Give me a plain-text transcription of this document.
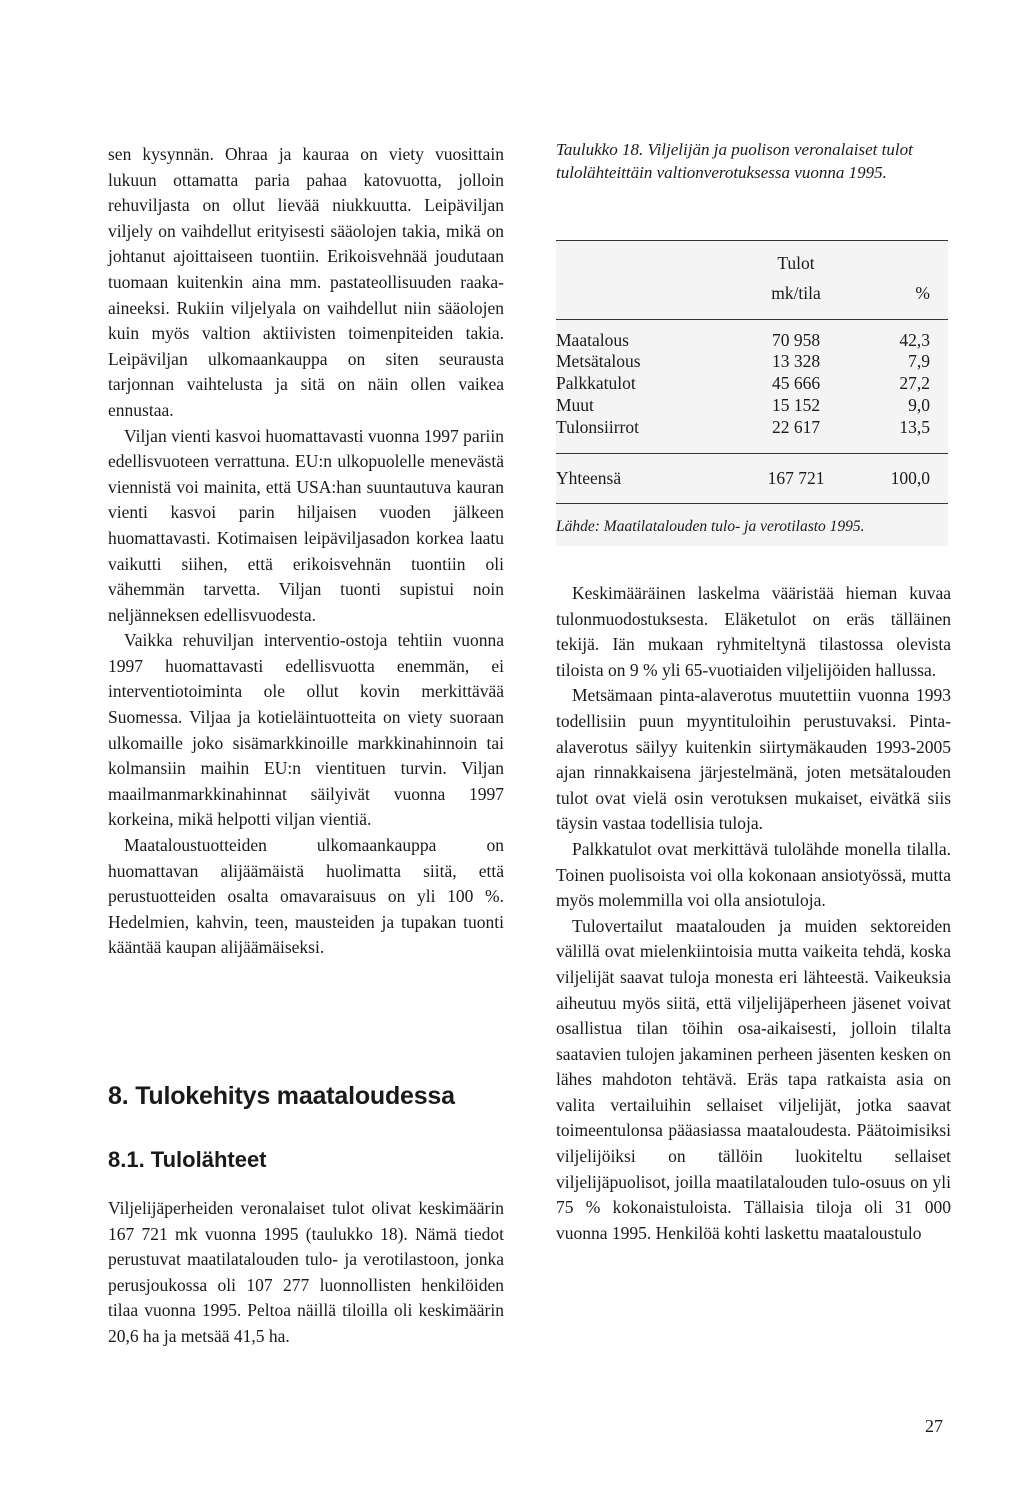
sen kysynnän. Ohraa ja kauraa on viety vuosittain lukuun ottamatta paria pahaa katovuotta, jolloin rehuviljasta on ollut lievää niukkuutta. Leipäviljan viljely on vaihdellut erityisesti sääolojen takia, mikä on johtanut ajoittaiseen tuontiin. Erikoisvehnää joudutaan tuomaan kuitenkin aina mm. pastateollisuuden raaka-aineeksi. Rukiin viljelyala on vaihdellut niin sääolojen kuin myös valtion aktiivisten toimenpiteiden takia. Leipäviljan ulkomaankauppa on siten seurausta tarjonnan vaihtelusta ja sitä on näin ollen vaikea ennustaa.

Viljan vienti kasvoi huomattavasti vuonna 1997 pariin edellisvuoteen verrattuna. EU:n ulkopuolelle menevästä viennistä voi mainita, että USA:han suuntautuva kauran vienti kasvoi parin hiljaisen vuoden jälkeen huomattavasti. Kotimaisen leipäviljasadon korkea laatu vaikutti siihen, että erikoisvehnän tuontiin oli vähemmän tarvetta. Viljan tuonti supistui noin neljänneksen edellisvuodesta.

Vaikka rehuviljan interventio-ostoja tehtiin vuonna 1997 huomattavasti edellisvuotta enemmän, ei interventiotoiminta ole ollut kovin merkittävää Suomessa. Viljaa ja kotieläintuotteita on viety suoraan ulkomaille joko sisämarkkinoille markkinahinnoin tai kolmansiin maihin EU:n vientituen turvin. Viljan maailmanmarkkinahinnat säilyivät vuonna 1997 korkeina, mikä helpotti viljan vientiä.

Maataloustuotteiden ulkomaankauppa on huomattavan alijäämäistä huolimatta siitä, että perustuotteiden osalta omavaraisuus on yli 100 %. Hedelmien, kahvin, teen, mausteiden ja tupakan tuonti kääntää kaupan alijäämäiseksi.

8. Tulokehitys maataloudessa
8.1. Tulolähteet
Viljelijäperheiden veronalaiset tulot olivat keskimäärin 167 721 mk vuonna 1995 (taulukko 18). Nämä tiedot perustuvat maatilatalouden tulo- ja verotilastoon, jonka perusjoukossa oli 107 277 luonnollisten henkilöiden tilaa vuonna 1995. Peltoa näillä tiloilla oli keskimäärin 20,6 ha ja metsää 41,5 ha.
Taulukko 18. Viljelijän ja puolison veronalaiset tulot tulolähteittäin valtionverotuksessa vuonna 1995.
Tulot
mk/tila	%
Maatalous	70 958	42,3
Metsätalous	13 328	7,9
Palkkatulot	45 666	27,2
Muut	15 152	9,0
Tulonsiirrot	22 617	13,5
Yhteensä	167 721	100,0
Lähde: Maatilatalouden tulo- ja verotilasto 1995.

Keskimääräinen laskelma vääristää hieman kuvaa tulonmuodostuksesta. Eläketulot on eräs tälläinen tekijä. Iän mukaan ryhmiteltynä tilastossa olevista tiloista on 9 % yli 65-vuotiaiden viljelijöiden hallussa.

Metsämaan pinta-alaverotus muutettiin vuonna 1993 todellisiin puun myyntituloihin perustuvaksi. Pinta-alaverotus säilyy kuitenkin siirtymäkauden 1993-2005 ajan rinnakkaisena järjestelmänä, joten metsätalouden tulot ovat vielä osin verotuksen mukaiset, eivätkä siis täysin vastaa todellisia tuloja.

Palkkatulot ovat merkittävä tulolähde monella tilalla. Toinen puolisoista voi olla kokonaan ansiotyössä, mutta myös molemmilla voi olla ansiotuloja.

Tulovertailut maatalouden ja muiden sektoreiden välillä ovat mielenkiintoisia mutta vaikeita tehdä, koska viljelijät saavat tuloja monesta eri lähteestä. Vaikeuksia aiheutuu myös siitä, että viljelijäperheen jäsenet voivat osallistua tilan töihin osa-aikaisesti, jolloin tilalta saatavien tulojen jakaminen perheen jäsenten kesken on lähes mahdoton tehtävä. Eräs tapa ratkaista asia on valita vertailuihin sellaiset viljelijät, jotka saavat toimeentulonsa pääasiassa maataloudesta. Päätoimisiksi viljelijöiksi on tällöin luokiteltu sellaiset viljelijäpuolisot, joilla maatilatalouden tulo-osuus on yli 75 % kokonaistuloista. Tällaisia tiloja oli 31 000 vuonna 1995. Henkilöä kohti laskettu maataloustulo

27
